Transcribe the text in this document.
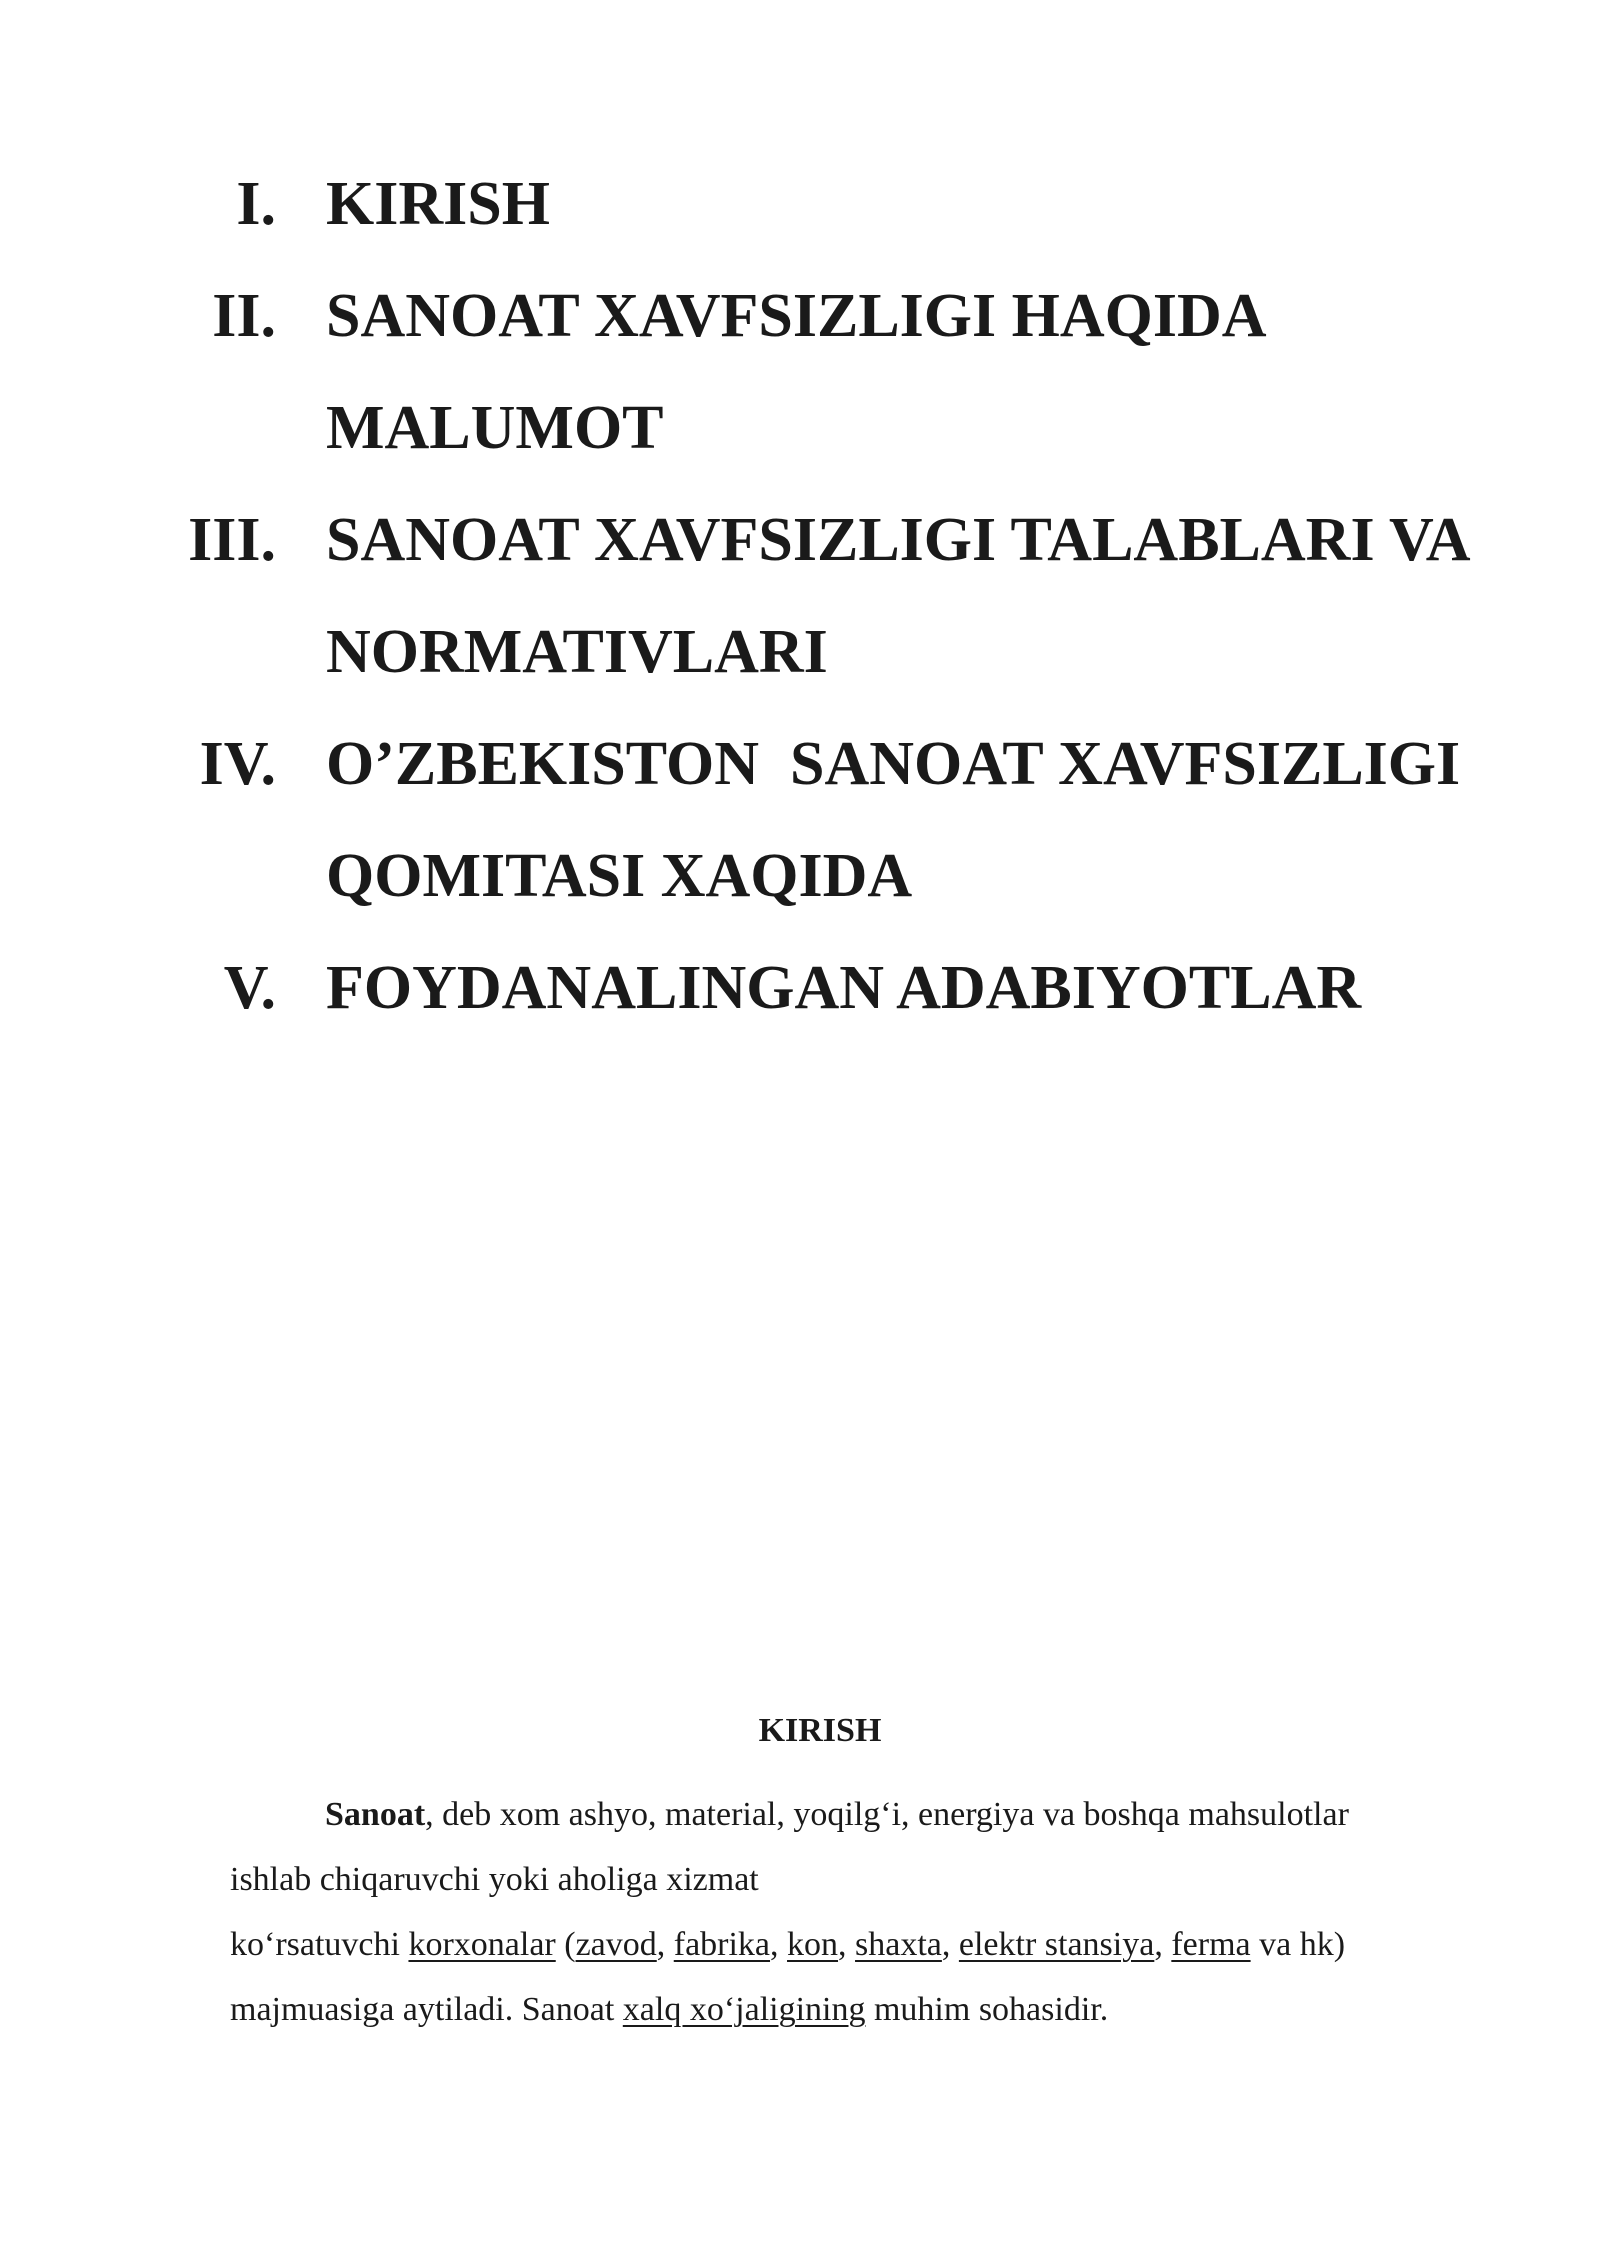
I. KIRISH
II. SANOAT XAVFSIZLIGI HAQIDA MALUMOT
III. SANOAT XAVFSIZLIGI TALABLARI VA NORMATIVLARI
IV. O’ZBEKISTON  SANOAT XAVFSIZLIGI QOMITASI XAQIDA
V. FOYDANALINGAN ADABIYOTLAR
KIRISH
Sanoat, deb xom ashyo, material, yoqilg‘i, energiya va boshqa mahsulotlar
ishlab chiqaruvchi yoki aholiga xizmat
ko‘rsatuvchi korxonalar (zavod, fabrika, kon, shaxta, elektr stansiya, ferma va hk)
majmuasiga aytiladi. Sanoat xalq xo‘jaligining muhim sohasidir.
